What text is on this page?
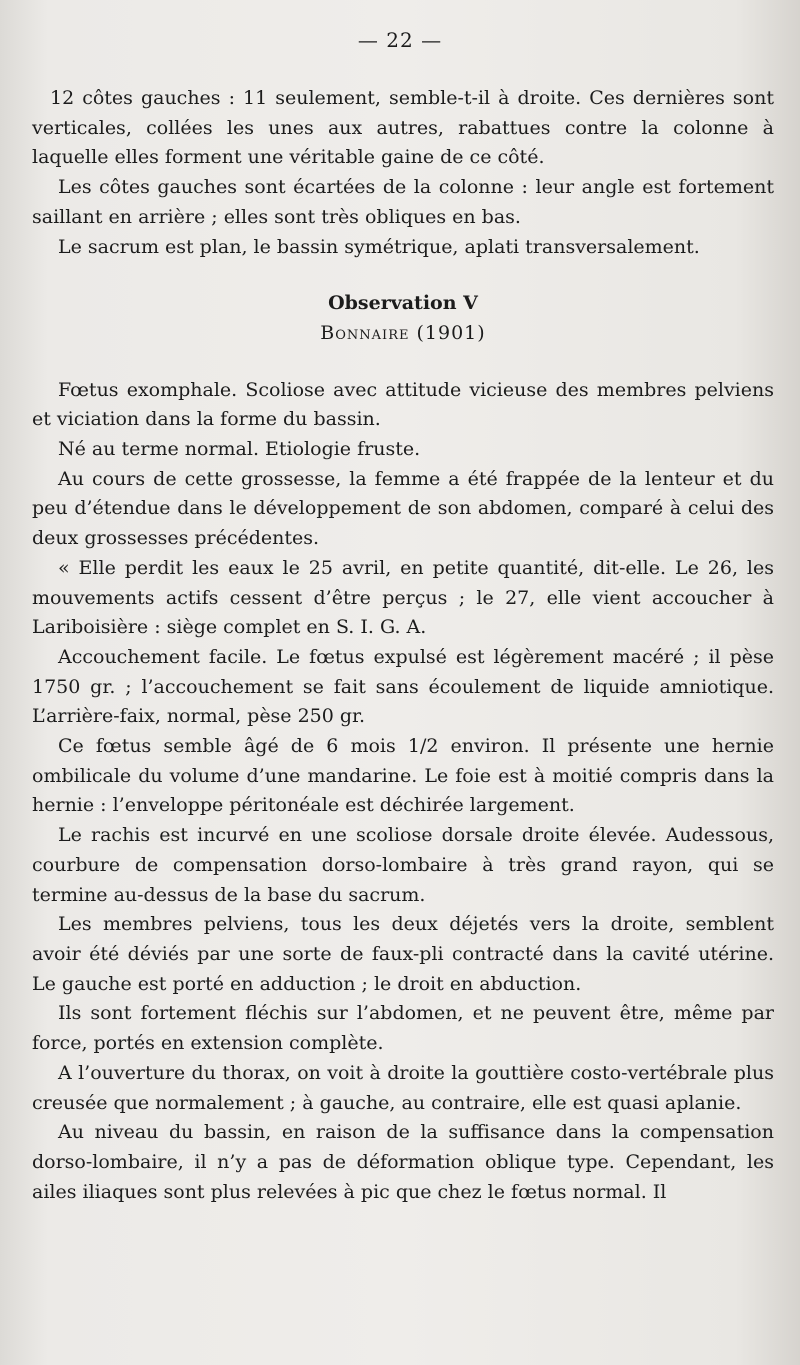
— 22 —

12 côtes gauches : 11 seulement, semble-t-il à droite. Ces dernières sont verticales, collées les unes aux autres, rabattues contre la colonne à laquelle elles forment une véritable gaine de ce côté.

Les côtes gauches sont écartées de la colonne : leur angle est fortement saillant en arrière ; elles sont très obliques en bas.

Le sacrum est plan, le bassin symétrique, aplati transversalement.

Observation V

Bonnaire (1901)

Fœtus exomphale. Scoliose avec attitude vicieuse des membres pelviens et viciation dans la forme du bassin.

Né au terme normal. Etiologie fruste.

Au cours de cette grossesse, la femme a été frappée de la lenteur et du peu d’étendue dans le développement de son abdomen, comparé à celui des deux grossesses précédentes.

« Elle perdit les eaux le 25 avril, en petite quantité, dit-elle. Le 26, les mouvements actifs cessent d’être perçus ; le 27, elle vient accoucher à Lariboisière : siège complet en S. I. G. A.

Accouchement facile. Le fœtus expulsé est légèrement macéré ; il pèse 1750 gr. ; l’accouchement se fait sans écoulement de liquide amniotique. L’arrière-faix, normal, pèse 250 gr.

Ce fœtus semble âgé de 6 mois 1/2 environ. Il présente une hernie ombilicale du volume d’une mandarine. Le foie est à moitié compris dans la hernie : l’enveloppe péritonéale est déchirée largement.

Le rachis est incurvé en une scoliose dorsale droite élevée. Audessous, courbure de compensation dorso-lombaire à très grand rayon, qui se termine au-dessus de la base du sacrum.

Les membres pelviens, tous les deux déjetés vers la droite, semblent avoir été déviés par une sorte de faux-pli contracté dans la cavité utérine. Le gauche est porté en adduction ; le droit en abduction.

Ils sont fortement fléchis sur l’abdomen, et ne peuvent être, même par force, portés en extension complète.

A l’ouverture du thorax, on voit à droite la gouttière costo-vertébrale plus creusée que normalement ; à gauche, au contraire, elle est quasi aplanie.

Au niveau du bassin, en raison de la suffisance dans la compensation dorso-lombaire, il n’y a pas de déformation oblique type. Cependant, les ailes iliaques sont plus relevées à pic que chez le fœtus normal. Il
